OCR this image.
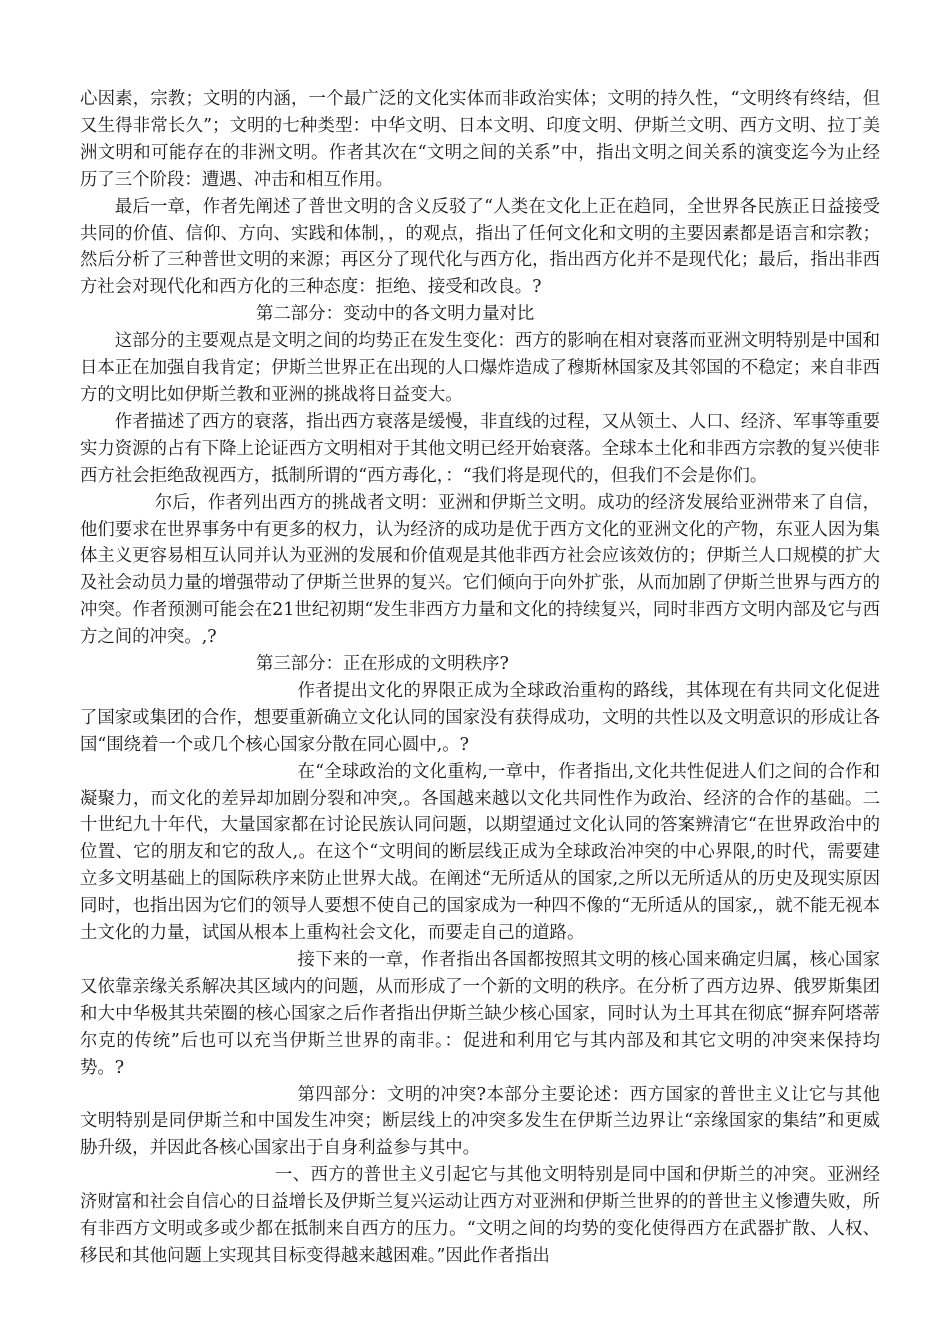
心因素，宗教；文明的内涵，一个最广泛的文化实体而非政治实体；文明的持久性，“文明终有终结，但又生得非常长久”；文明的七种类型：中华文明、日本文明、印度文明、伊斯兰文明、西方文明、拉丁美洲文明和可能存在的非洲文明。作者其次在“文明之间的关系”中，指出文明之间关系的演变迄今为止经历了三个阶段：遭遇、冲击和相互作用。

最后一章，作者先阐述了普世文明的含义反驳了“人类在文化上正在趋同，全世界各民族正日益接受共同的价值、信仰、方向、实践和体制，，的观点，指出了任何文化和文明的主要因素都是语言和宗教；然后分析了三种普世文明的来源；再区分了现代化与西方化，指出西方化并不是现代化；最后，指出非西方社会对现代化和西方化的三种态度：拒绝、接受和改良。?

第二部分：变动中的各文明力量对比

这部分的主要观点是文明之间的均势正在发生变化：西方的影响在相对衰落而亚洲文明特别是中国和日本正在加强自我肯定；伊斯兰世界正在出现的人口爆炸造成了穆斯林国家及其邻国的不稳定；来自非西方的文明比如伊斯兰教和亚洲的挑战将日益变大。

作者描述了西方的衰落，指出西方衰落是缓慢，非直线的过程，又从领土、人口、经济、军事等重要实力资源的占有下降上论证西方文明相对于其他文明已经开始衰落。全球本土化和非西方宗教的复兴使非西方社会拒绝敌视西方，抵制所谓的“西方毒化，：“我们将是现代的，但我们不会是你们。

尔后，作者列出西方的挑战者文明：亚洲和伊斯兰文明。成功的经济发展给亚洲带来了自信，他们要求在世界事务中有更多的权力，认为经济的成功是优于西方文化的亚洲文化的产物，东亚人因为集体主义更容易相互认同并认为亚洲的发展和价值观是其他非西方社会应该效仿的；伊斯兰人口规模的扩大及社会动员力量的增强带动了伊斯兰世界的复兴。它们倾向于向外扩张，从而加剧了伊斯兰世界与西方的冲突。作者预测可能会在21世纪初期“发生非西方力量和文化的持续复兴，同时非西方文明内部及它与西方之间的冲突。,?

第三部分：正在形成的文明秩序?

作者提出文化的界限正成为全球政治重构的路线，其体现在有共同文化促进了国家或集团的合作，想要重新确立文化认同的国家没有获得成功，文明的共性以及文明意识的形成让各国“围绕着一个或几个核心国家分散在同心圆中,。?

在“全球政治的文化重构,一章中，作者指出,文化共性促进人们之间的合作和凝聚力，而文化的差异却加剧分裂和冲突,。各国越来越以文化共同性作为政治、经济的合作的基础。二十世纪九十年代，大量国家都在讨论民族认同问题，以期望通过文化认同的答案辨清它“在世界政治中的位置、它的朋友和它的敌人,。在这个“文明间的断层线正成为全球政治冲突的中心界限,的时代，需要建立多文明基础上的国际秩序来防止世界大战。在阐述“无所适从的国家,之所以无所适从的历史及现实原因同时，也指出因为它们的领导人要想不使自己的国家成为一种四不像的“无所适从的国家,，就不能无视本土文化的力量，试国从根本上重构社会文化，而要走自己的道路。

接下来的一章，作者指出各国都按照其文明的核心国来确定归属，核心国家又依靠亲缘关系解决其区域内的问题，从而形成了一个新的文明的秩序。在分析了西方边界、俄罗斯集团和大中华极其共荣圈的核心国家之后作者指出伊斯兰缺少核心国家，同时认为土耳其在彻底“摒弃阿塔蒂尔克的传统”后也可以充当伊斯兰世界的南非。：促进和利用它与其内部及和其它文明的冲突来保持均势。?

第四部分：文明的冲突?本部分主要论述：西方国家的普世主义让它与其他文明特别是同伊斯兰和中国发生冲突；断层线上的冲突多发生在伊斯兰边界让“亲缘国家的集结”和更威胁升级，并因此各核心国家出于自身利益参与其中。

一、西方的普世主义引起它与其他文明特别是同中国和伊斯兰的冲突。亚洲经济财富和社会自信心的日益增长及伊斯兰复兴运动让西方对亚洲和伊斯兰世界的的普世主义惨遭失败，所有非西方文明或多或少都在抵制来自西方的压力。“文明之间的均势的变化使得西方在武器扩散、人权、移民和其他问题上实现其目标变得越来越困难。”因此作者指出
